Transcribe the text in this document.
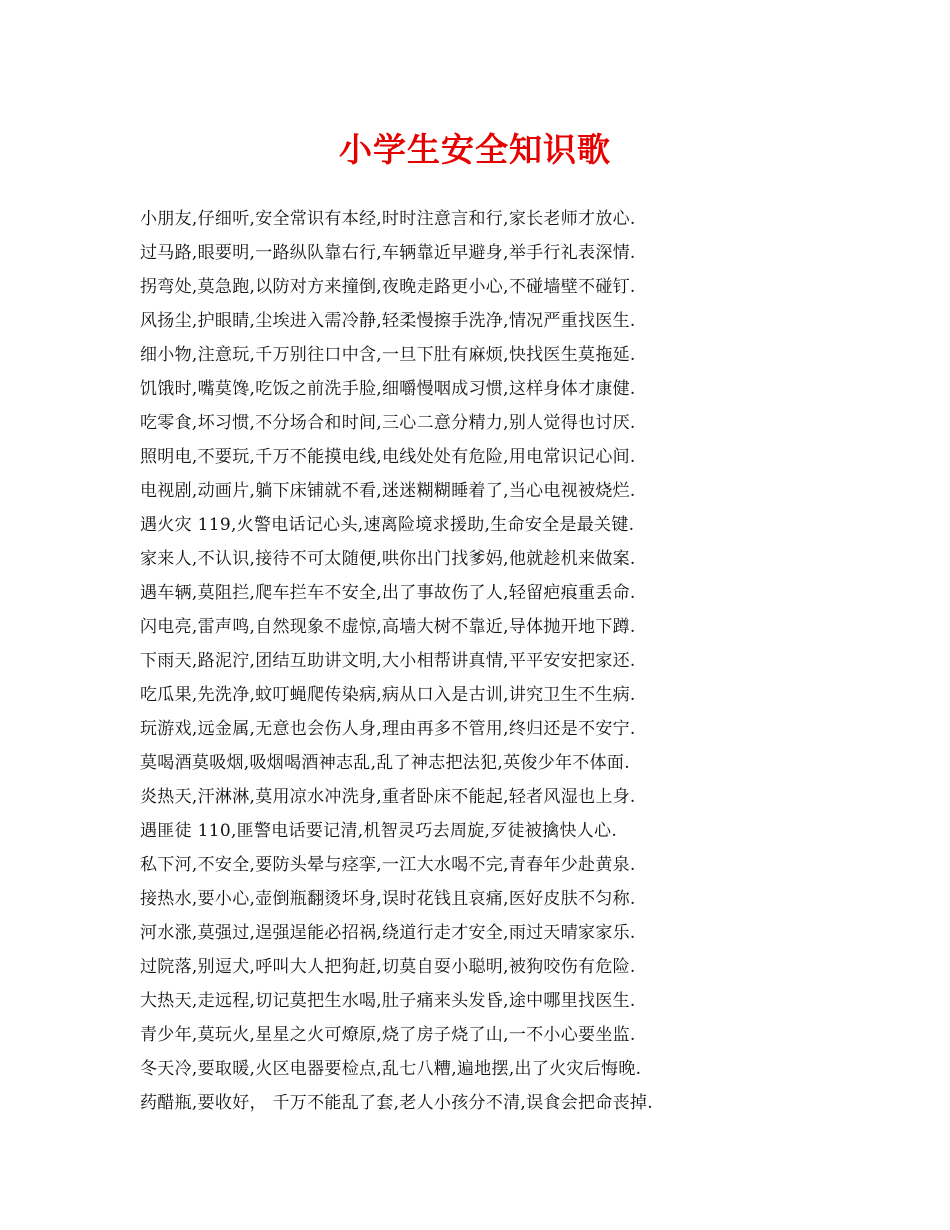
小学生安全知识歌
小朋友,仔细听,安全常识有本经,时时注意言和行,家长老师才放心.
过马路,眼要明,一路纵队靠右行,车辆靠近早避身,举手行礼表深情.
拐弯处,莫急跑,以防对方来撞倒,夜晚走路更小心,不碰墙壁不碰钉.
风扬尘,护眼睛,尘埃进入需冷静,轻柔慢擦手洗净,情况严重找医生.
细小物,注意玩,千万别往口中含,一旦下肚有麻烦,快找医生莫拖延.
饥饿时,嘴莫馋,吃饭之前洗手脸,细嚼慢咽成习惯,这样身体才康健.
吃零食,坏习惯,不分场合和时间,三心二意分精力,别人觉得也讨厌.
照明电,不要玩,千万不能摸电线,电线处处有危险,用电常识记心间.
电视剧,动画片,躺下床铺就不看,迷迷糊糊睡着了,当心电视被烧烂.
遇火灾 119,火警电话记心头,速离险境求援助,生命安全是最关键.
家来人,不认识,接待不可太随便,哄你出门找爹妈,他就趁机来做案.
遇车辆,莫阻拦,爬车拦车不安全,出了事故伤了人,轻留疤痕重丢命.
闪电亮,雷声鸣,自然现象不虚惊,高墙大树不靠近,导体抛开地下蹲.
下雨天,路泥泞,团结互助讲文明,大小相帮讲真情,平平安安把家还.
吃瓜果,先洗净,蚊叮蝇爬传染病,病从口入是古训,讲究卫生不生病.
玩游戏,远金属,无意也会伤人身,理由再多不管用,终归还是不安宁.
莫喝酒莫吸烟,吸烟喝酒神志乱,乱了神志把法犯,英俊少年不体面.
炎热天,汗淋淋,莫用凉水冲洗身,重者卧床不能起,轻者风湿也上身.
遇匪徒 110,匪警电话要记清,机智灵巧去周旋,歹徒被擒快人心.
私下河,不安全,要防头晕与痉挛,一江大水喝不完,青春年少赴黄泉.
接热水,要小心,壶倒瓶翻烫坏身,误时花钱且哀痛,医好皮肤不匀称.
河水涨,莫强过,逞强逞能必招祸,绕道行走才安全,雨过天晴家家乐.
过院落,别逗犬,呼叫大人把狗赶,切莫自耍小聪明,被狗咬伤有危险.
大热天,走远程,切记莫把生水喝,肚子痛来头发昏,途中哪里找医生.
青少年,莫玩火,星星之火可燎原,烧了房子烧了山,一不小心要坐监.
冬天冷,要取暖,火区电器要检点,乱七八糟,遍地摆,出了火灾后悔晚.
药醋瓶,要收好， 千万不能乱了套,老人小孩分不清,误食会把命丧掉.
